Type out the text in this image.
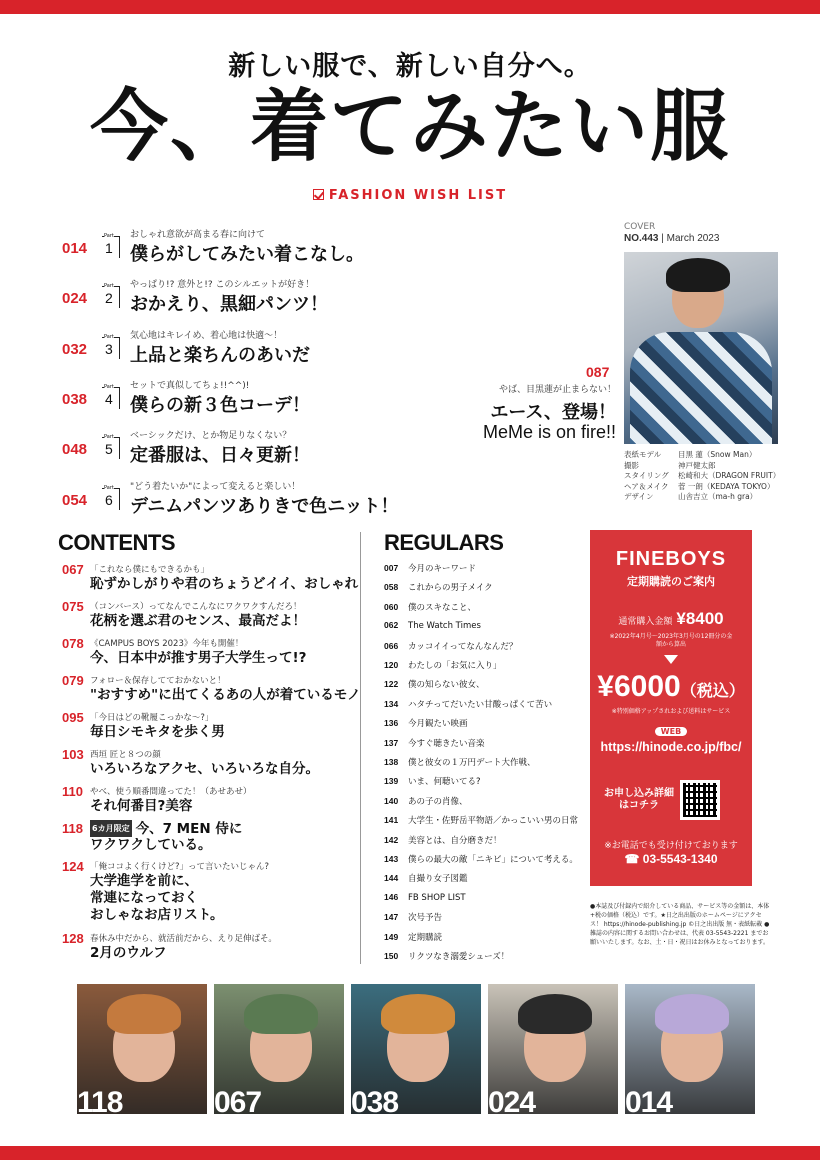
新しい服で、新しい自分へ。
今、着てみたい服
FASHION WISH LIST
014
Part
1
おしゃれ意欲が高まる春に向けて
僕らがしてみたい着こなし。
024
Part
2
やっぱり!? 意外と!? このシルエットが好き！
おかえり、黒細パンツ！
032
Part
3
気心地はキレイめ、着心地は快適〜！
上品と楽ちんのあいだ
038
Part
4
セットで真似してちょ!!^^)!
僕らの新３色コーデ！
048
Part
5
ベーシックだけ、とか物足りなくない？
定番服は、日々更新！
054
Part
6
"どう着たいか"によって変えると楽しい！
デニムパンツありきで色ニット！
COVER
NO.443 | March 2023
087
やば、目黒蓮が止まらない！
エース、登場！
MeMe is on fire!!
表紙モデル 目黒 蓮（Snow Man）
撮影	神戸健太郎
スタイリング 松崎和大（DRAGON FRUIT）
ヘア＆メイク 菅 一朗（KEDAYA TOKYO）
デザイン	山舎吉立（ma-h gra）
CONTENTS	REGULARS
067 「これなら僕にもできるかも」
恥ずかしがりや君のちょうどイイ、おしゃれ
075 （コンバース）ってなんでこんなにワクワクすんだろ！
花柄を選ぶ君のセンス、最高だよ！
078 《CAMPUS BOYS 2023》今年も開催！
今、日本中が推す男子大学生って!?
079 フォロー＆保存してておかないと！
"おすすめ"に出てくるあの人が着ているモノ
095 「今日はどの靴履こっかな〜?」
毎日シモキタを歩く男
103 西垣 匠と８つの顔
いろいろなアクセ、いろいろな自分。
110 やべ、使う順番間違ってた！（あせあせ）
それ何番目?美容
118 6カ月限定 今、7 MEN 侍に
ワクワクしている。
124 「俺ココよく行くけど?」って言いたいじゃん?
大学進学を前に、
常連になっておく
おしゃなお店リスト。
128 春休み中だから、就活前だから、えり足伸ばそ。
2月のウルフ
007 今月のキーワード
058 これからの男子メイク
060 僕のスキなこと、
062 The Watch Times
066 カッコイイってなんなんだ？
120 わたしの「お気に入り」
122 僕の知らない彼女、
134 ハタチってだいたい甘酸っぱくて苦い
136 今月観たい映画
137 今すぐ聴きたい音楽
138 僕と彼女の１万円デート大作戦、
139 いま、何聴いてる?
140 あの子の肖像、
141 大学生・佐野岳平物語／かっこいい男の日常
142 美容とは、自分磨きだ！
143 僕らの最大の敵「ニキビ」について考える。
144 自撮り女子図鑑
146 FB SHOP LIST
147 次号予告
149 定期購読
150 リクツなき溺愛シューズ！
FINEBOYS
定期購読のご案内
通常購入金額 ¥8400
※2022年4月号〜2023年3月号の12冊分の金額から算出
¥6000（税込）
※特別価格アップされおよび送料はサービス
WEB
https://hinode.co.jp/fbc/
お申し込み詳細はコチラ
※お電話でも受け付けております
☎ 03-5543-1340
●本誌及び付録内で紹介している商品、サービス等の金額は、本体+税の価格（税込）です。★日之出出版のホームページにアクセス！ https://hinode-publishing.jp ©日之出出版 無・表紙転載 ●雑誌の内容に関するお問い合わせは、代表 03-5543-2221 までお願いいたします。なお、土・日・祝日はお休みとなっております。
118	067	038	024	014
